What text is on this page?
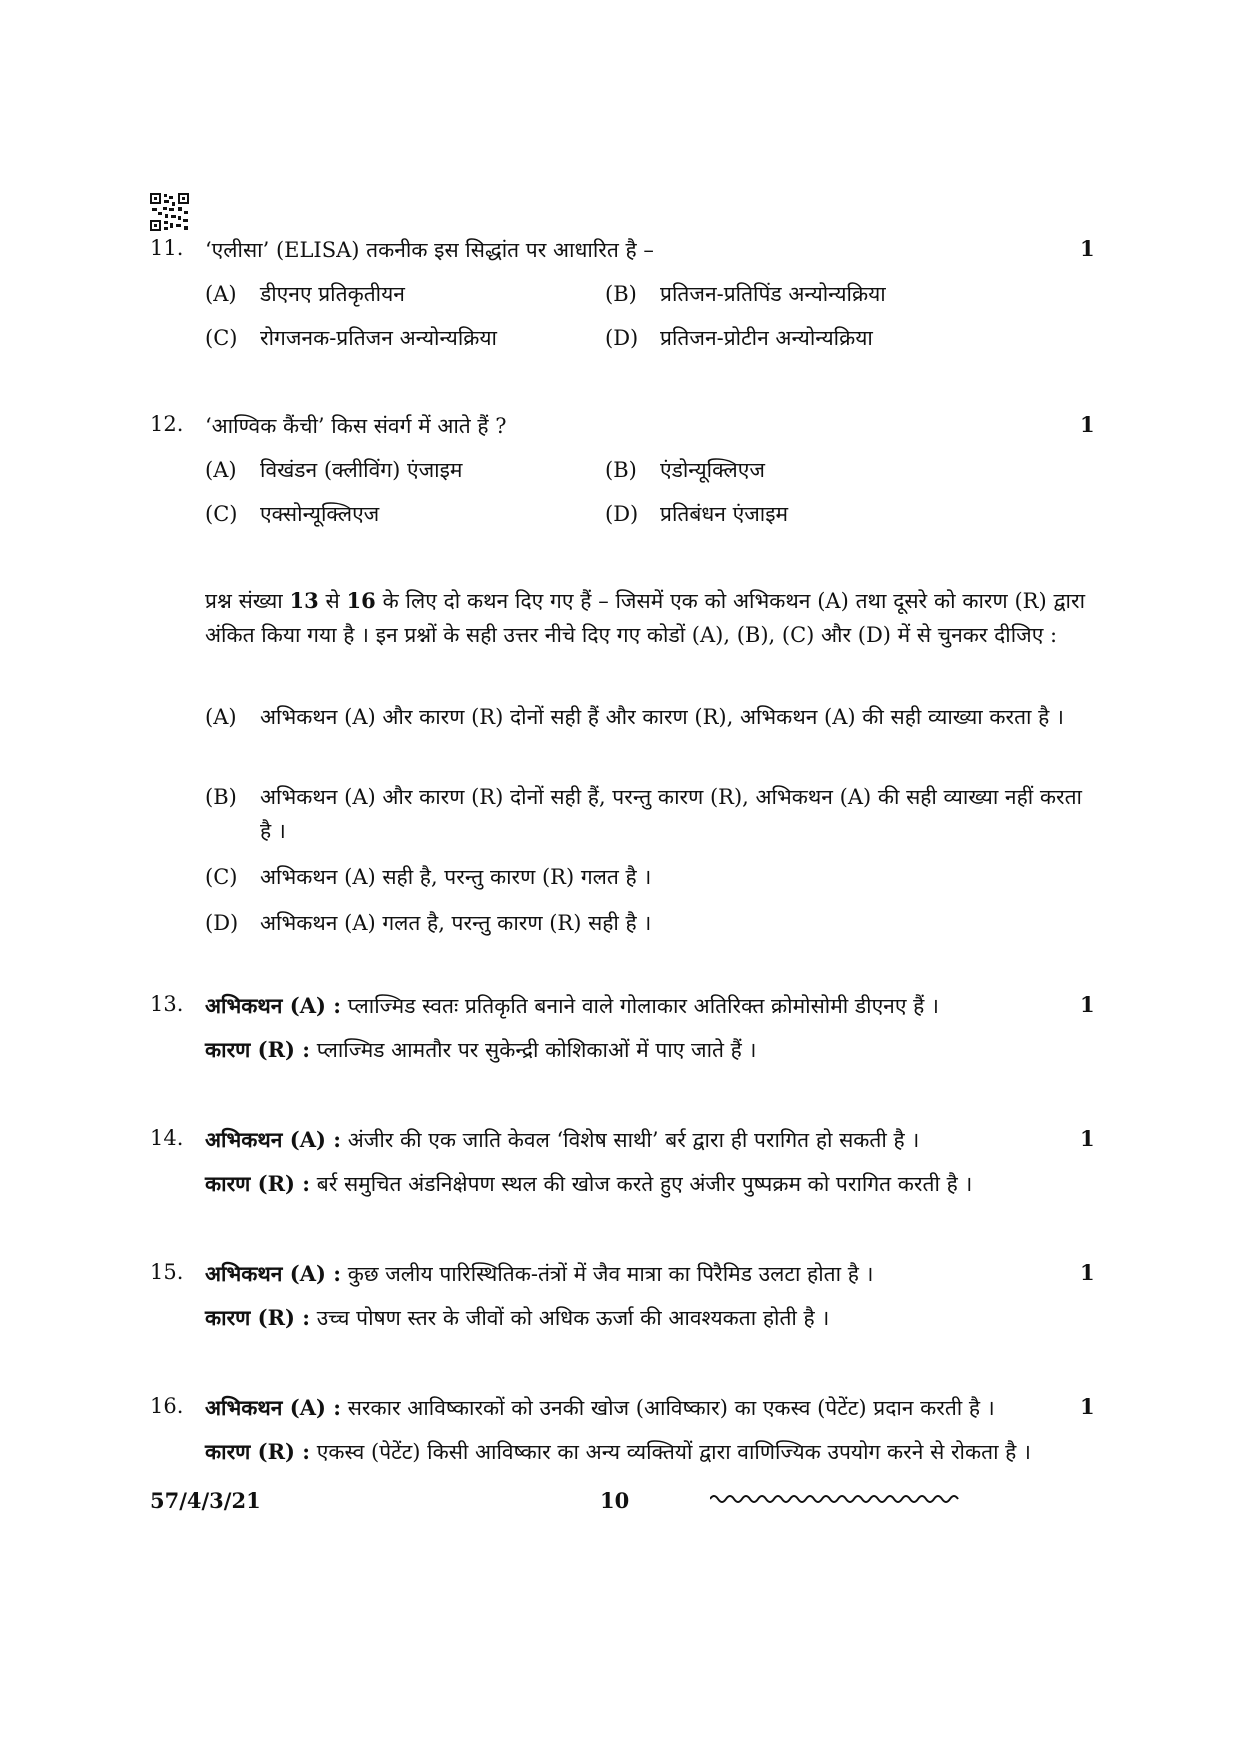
11. ‘एलीसा’ (ELISA) तकनीक इस सिद्धांत पर आधारित है –	1
(A) डीएनए प्रतिकृतीयन	(B) प्रतिजन-प्रतिपिंड अन्योन्यक्रिया
(C) रोगजनक-प्रतिजन अन्योन्यक्रिया	(D) प्रतिजन-प्रोटीन अन्योन्यक्रिया
12. ‘आण्विक कैंची’ किस संवर्ग में आते हैं ?	1
(A) विखंडन (क्लीविंग) एंजाइम	(B) एंडोन्यूक्लिएज
(C) एक्सोन्यूक्लिएज	(D) प्रतिबंधन एंजाइम
प्रश्न संख्या 13 से 16 के लिए दो कथन दिए गए हैं – जिसमें एक को अभिकथन (A) तथा दूसरे को कारण (R) द्वारा अंकित किया गया है । इन प्रश्नों के सही उत्तर नीचे दिए गए कोडों (A), (B), (C) और (D) में से चुनकर दीजिए :
(A)	अभिकथन (A) और कारण (R) दोनों सही हैं और कारण (R), अभिकथन (A) की सही व्याख्या करता है ।
(B)	अभिकथन (A) और कारण (R) दोनों सही हैं, परन्तु कारण (R), अभिकथन (A) की सही व्याख्या नहीं करता है ।
(C)	अभिकथन (A) सही है, परन्तु कारण (R) गलत है ।
(D)	अभिकथन (A) गलत है, परन्तु कारण (R) सही है ।
13. अभिकथन (A) : प्लाज्मिड स्वतः प्रतिकृति बनाने वाले गोलाकार अतिरिक्त क्रोमोसोमी डीएनए हैं ।	1
कारण (R) : प्लाज्मिड आमतौर पर सुकेन्द्री कोशिकाओं में पाए जाते हैं ।
14. अभिकथन (A) : अंजीर की एक जाति केवल ‘विशेष साथी’ बर्र द्वारा ही परागित हो सकती है ।	1
कारण (R) : बर्र समुचित अंडनिक्षेपण स्थल की खोज करते हुए अंजीर पुष्पक्रम को परागित करती है ।
15. अभिकथन (A) : कुछ जलीय पारिस्थितिक-तंत्रों में जैव मात्रा का पिरैमिड उलटा होता है ।	1
कारण (R) : उच्च पोषण स्तर के जीवों को अधिक ऊर्जा की आवश्यकता होती है ।
16. अभिकथन (A) : सरकार आविष्कारकों को उनकी खोज (आविष्कार) का एकस्व (पेटेंट) प्रदान करती है ।	1
कारण (R) : एकस्व (पेटेंट) किसी आविष्कार का अन्य व्यक्तियों द्वारा वाणिज्यिक उपयोग करने से रोकता है ।
57/4/3/21	10
